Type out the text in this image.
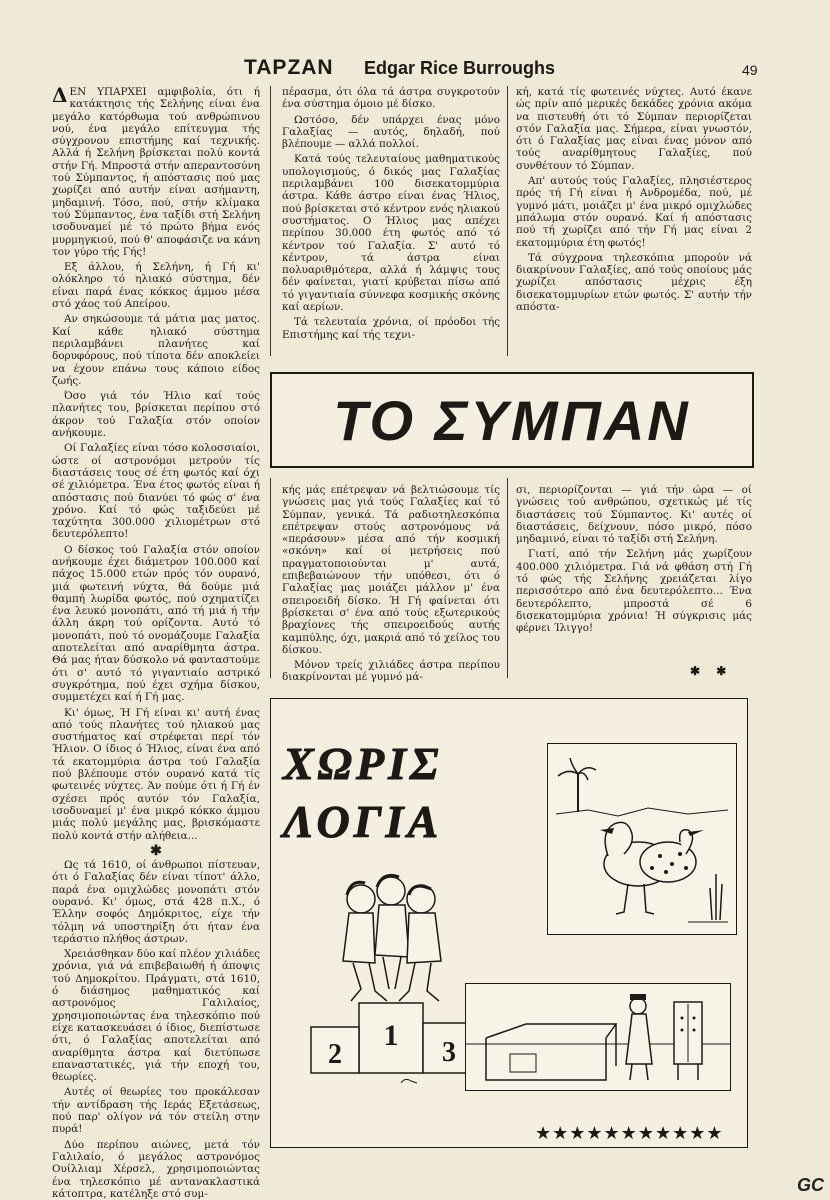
ΤΑΡΖΑΝ Edgar Rice Burroughs	49

ΔΕΝ ΥΠΑΡΧΕΙ αμφιβολία, ότι ή κατάκτησις τής Σελήνης είναι ένα μεγάλο κατόρθωμα τού ανθρώπινου νού, ένα μεγάλο επίτευγμα τής σύγχρονου επιστήμης καί τεχνικής. Αλλά ή Σελήνη βρίσκεται πολύ κοντά στήν Γή. Μπροστά στήν απεραντοσύνη τού Σύμπαντος, ή απόστασις πού μας χωρίζει από αυτήν είναι ασήμαντη, μηδαμινή. Τόσο, πού, στήν κλίμακα τού Σύμπαντος, ένα ταξίδι στή Σελήνη ισοδυναμεί μέ τό πρώτο βήμα ενός μυρμηγκιού, πού θ' αποφάσιζε να κάνη τον γύρο τής Γής!

Εξ άλλου, ή Σελήνη, ή Γή κι' ολόκληρο τό ηλιακό σύστημα, δέν είναι παρά ένας κόκκος άμμου μέσα στό χάος τού Απείρου.

Αν σηκώσουμε τά μάτια μας ματος. Καί κάθε ηλιακό σύστημα περιλαμβάνει πλανήτες καί δορυφόρους, πού τίποτα δέν αποκλείει να έχουν επάνω τους κάποιο είδος ζωής.

Όσο γιά τόν Ήλιο καί τούς πλανήτες του, βρίσκεται περίπου στό άκρον τού Γαλαξία στόν οποίον ανήκουμε.

Οί Γαλαξίες είναι τόσο κολοσσιαίοι, ώστε οί αστρονόμοι μετρούν τίς διαστάσεις τους σέ έτη φωτός καί όχι σέ χιλιόμετρα. Ένα έτος φωτός είναι ή απόστασις πού διανύει τό φώς σ' ένα χρόνο. Καί τό φώς ταξιδεύει μέ ταχύτητα 300.000 χιλιομέτρων στό δευτερόλεπτο!

Ο δίσκος τού Γαλαξία στόν οποίον ανήκουμε έχει διάμετρον 100.000 καί πάχος 15.000 ετών πρός τόν ουρανό, μιά φωτεινή νύχτα, θά δούμε μιά θαμπή λωρίδα φωτός, πού σχηματίζει ένα λευκό μονοπάτι, από τή μιά ή τήν άλλη άκρη τού ορίζοντα. Αυτό τό μονοπάτι, πού τό ονομάζουμε Γαλαξία αποτελείται από αναρίθμητα άστρα. Θά μας ήταν δύσκολο νά φανταστούμε ότι σ' αυτό τό γιγαντιαίο αστρικό συγκρότημα, πού έχει σχήμα δίσκου, συμμετέχει καί ή Γή μας.

Κι' όμως, Ή Γή είναι κι' αυτή ένας από τούς πλανήτες τού ηλιακού μας συστήματος καί στρέφεται περί τόν Ήλιον. Ο ίδιος ό Ήλιος, είναι ένα από τά εκατομμύρια άστρα τού Γαλαξία πού βλέπουμε στόν ουρανό κατά τίς φωτεινές νύχτες. Άν πούμε ότι ή Γή έν σχέσει πρός αυτόν τόν Γαλαξία, ισοδυναμεί μ' ένα μικρό κόκκο άμμου μιάς πολύ μεγάλης μας, βρισκόμαστε πολύ κοντά στήν αλήθεια...

✱

Ως τά 1610, οί άνθρωποι πίστευαν, ότι ό Γαλαξίας δέν είναι τίποτ' άλλο, παρά ένα ομιχλώδες μονοπάτι στόν ουρανό. Κι' όμως, στά 428 π.Χ., ό Έλλην σοφός Δημόκριτος, είχε τήν τόλμη νά υποστηρίξη ότι ήταν ένα τεράστιο πλήθος άστρων.

Χρειάσθηκαν δύο καί πλέον χιλιάδες χρόνια, γιά νά επιβεβαιωθή ή άποψις τού Δημοκρίτου. Πράγματι, στά 1610, ό διάσημος μαθηματικός καί αστρονόμος Γαλιλαίος, χρησιμοποιώντας ένα τηλεσκόπιο πού είχε κατασκευάσει ό ίδιος, διεπίστωσε ότι, ό Γαλαξίας αποτελείται από αναρίθμητα άστρα καί διετύπωσε επαναστατικές, γιά τήν εποχή του, θεωρίες.

Αυτές οί θεωρίες του προκάλεσαν τήν αντίδραση τής Ιεράς Εξετάσεως, πού παρ' ολίγον νά τόν στείλη στην πυρά!

Δύο περίπου αιώνες, μετά τόν Γαλιλαίο, ό μεγάλος αστρονόμος Ουίλλιαμ Χέρσελ, χρησιμοποιώντας ένα τηλεσκόπιο μέ αντανακλαστικά κάτοπτρα, κατέληξε στό συμ-

πέρασμα, ότι όλα τά άστρα συγκροτούν ένα σύστημα όμοιο μέ δίσκο.

Ωστόσο, δέν υπάρχει ένας μόνο Γαλαξίας — αυτός, δηλαδή, πού βλέπουμε — αλλά πολλοί.

Κατά τούς τελευταίους μαθηματικούς υπολογισμούς, ό δικός μας Γαλαξίας περιλαμβάνει 100 δισεκατομμύρια άστρα. Κάθε άστρο είναι ένας Ήλιος, πού βρίσκεται στό κέντρον ενός ηλιακού συστήματος. Ο Ήλιος μας απέχει περίπου 30.000 έτη φωτός από τό κέντρον τού Γαλαξία. Σ' αυτό τό κέντρον, τά άστρα είναι πολυαριθμότερα, αλλά ή λάμψις τους δέν φαίνεται, γιατί κρύβεται πίσω από τό γιγαντιαία σύννεφα κοσμικής σκόνης καί αερίων.

Τά τελευταία χρόνια, οί πρόοδοι τής Επιστήμης καί τής τεχνι-

κή, κατά τίς φωτεινές νύχτες. Αυτό έκανε ώς πρίν από μερικές δεκάδες χρόνια ακόμα να πιστευθή ότι τό Σύμπαν περιορίζεται στόν Γαλαξία μας. Σήμερα, είναι γνωστόν, ότι ό Γαλαξίας μας είναι ένας μόνον από τούς αναρίθμητους Γαλαξίες, πού συνθέτουν τό Σύμπαν.

Απ' αυτούς τούς Γαλαξίες, πλησιέστερος πρός τή Γή είναι ή Ανδρομέδα, πού, μέ γυμνό μάτι, μοιάζει μ' ένα μικρό ομιχλώδες μπάλωμα στόν ουρανό. Καί ή απόστασις πού τή χωρίζει από τήν Γή μας είναι 2 εκατομμύρια έτη φωτός!

Τά σύγχρονα τηλεσκόπια μπορούν νά διακρίνουν Γαλαξίες, από τούς οποίους μάς χωρίζει απόστασις μέχρις έξη δισεκατομμυρίων ετών φωτός. Σ' αυτήν τήν απόστα-

ΤΟ ΣΥΜΠΑΝ

κής μάς επέτρεψαν νά βελτιώσουμε τίς γνώσεις μας γιά τούς Γαλαξίες καί τό Σύμπαν, γενικά. Τά ραδιοτηλεσκόπια επέτρεψαν στούς αστρονόμους νά «περάσουν» μέσα από τήν κοσμική «σκόνη» καί οί μετρήσεις πού πραγματοποιούνται μ' αυτά, επιβεβαιώνουν τήν υπόθεσι, ότι ό Γαλαξίας μας μοιάζει μάλλον μ' ένα σπειροειδή δίσκο. Ή Γή φαίνεται ότι βρίσκεται σ' ένα από τούς εξωτερικούς βραχίονες τής σπειροειδούς αυτής καμπύλης, όχι, μακριά από τό χείλος του δίσκου.

Μόνον τρείς χιλιάδες άστρα περίπου διακρίνονται μέ γυμνό μά-

σι, περιορίζονται — γιά τήν ώρα — οί γνώσεις τού ανθρώπου, σχετικώς μέ τίς διαστάσεις τού Σύμπαντος. Κι' αυτές οί διαστάσεις, δείχνουν, πόσο μικρό, πόσο μηδαμινό, είναι τό ταξίδι στή Σελήνη.

Γιατί, από τήν Σελήνη μάς χωρίζουν 400.000 χιλιόμετρα. Γιά νά φθάση στή Γή τό φώς τής Σελήνης χρειάζεται λίγο περισσότερο από ένα δευτερόλεπτο... Ένα δευτερόλεπτο, μπροστά σέ 6 δισεκατομμύρια χρόνια! Ή σύγκρισις μάς φέρνει Ίλιγγο!

✱ ✱
ΧΩΡΙΣ
ΛΟΓΙΑ
1
2	3
★★★★★★★★★★★
GC
